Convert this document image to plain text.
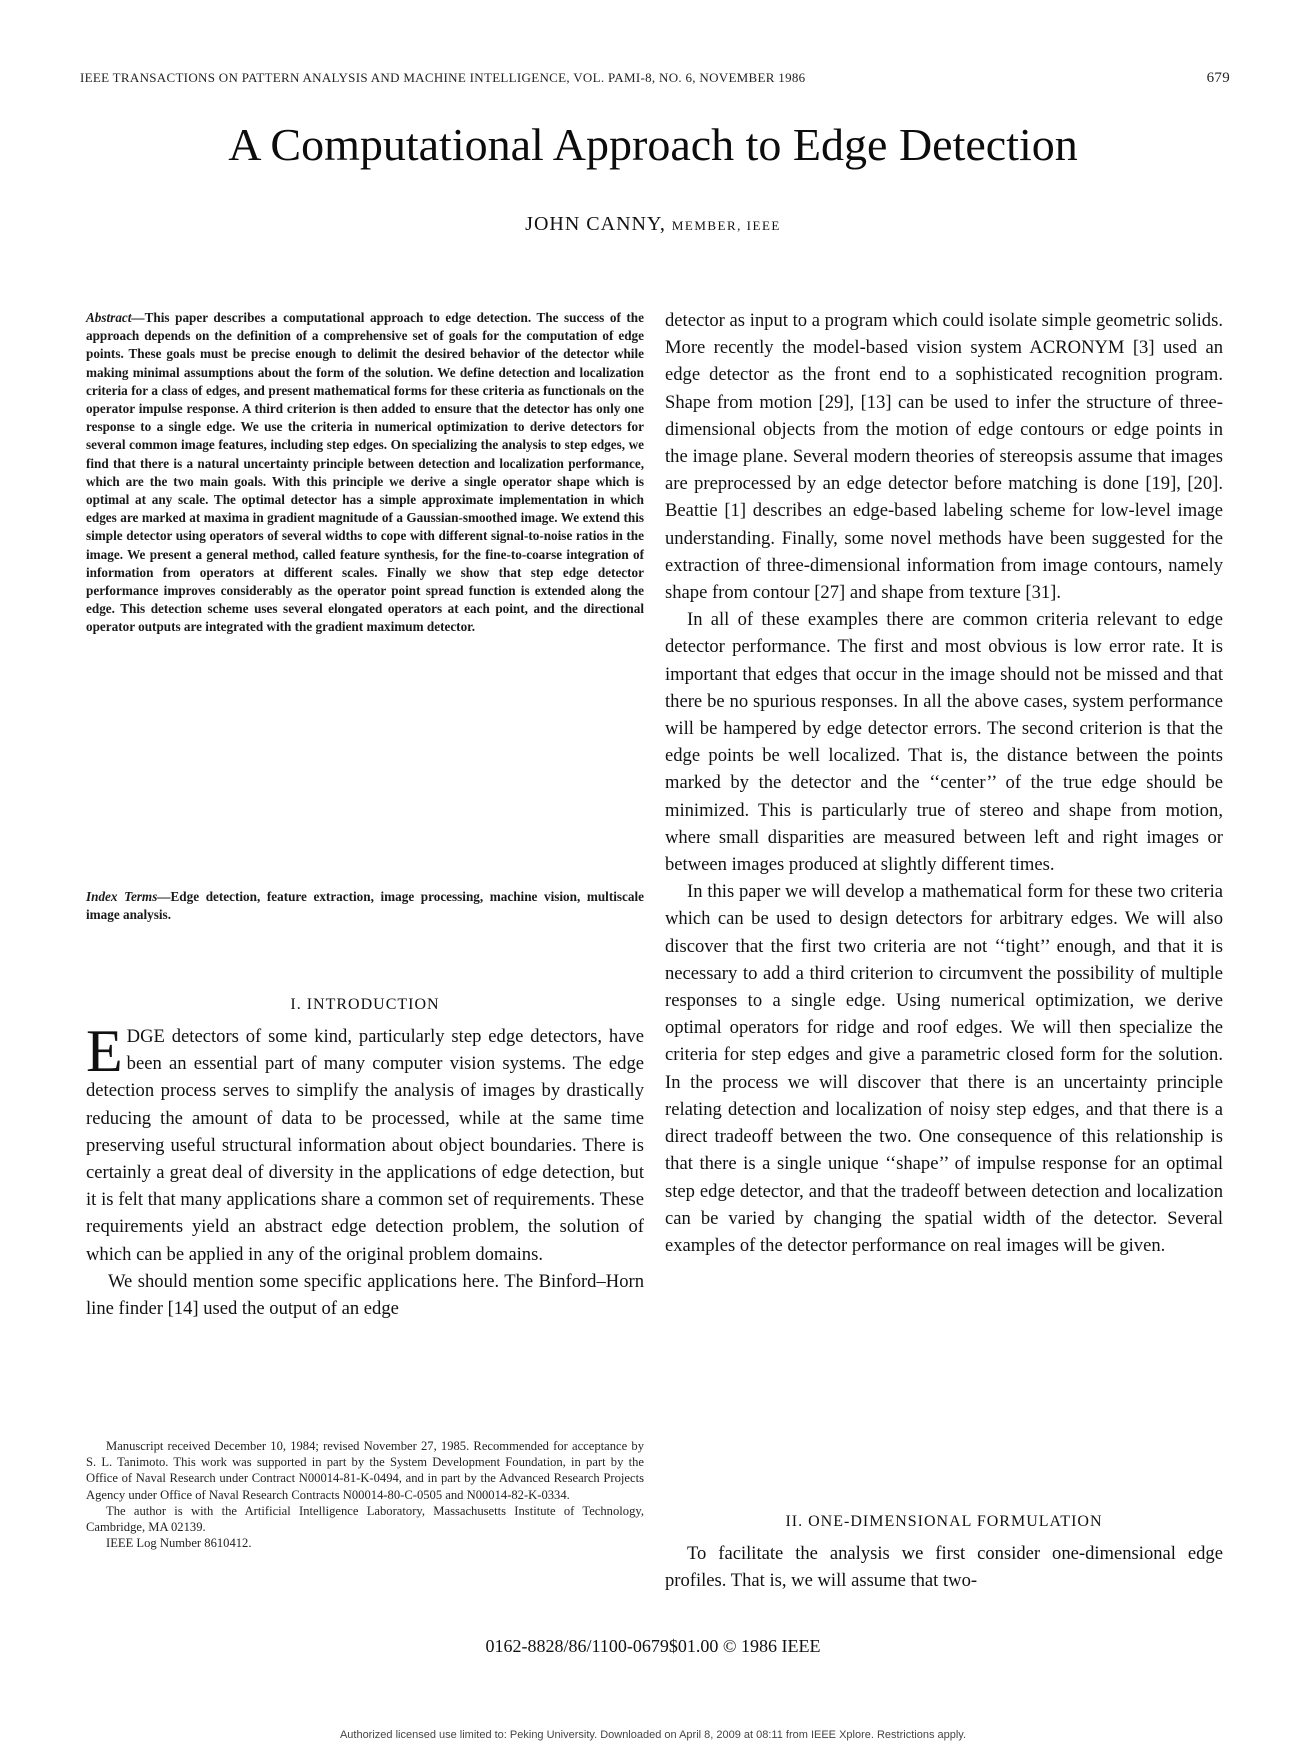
IEEE TRANSACTIONS ON PATTERN ANALYSIS AND MACHINE INTELLIGENCE, VOL. PAMI-8, NO. 6, NOVEMBER 1986	679
A Computational Approach to Edge Detection
JOHN CANNY, MEMBER, IEEE
Abstract—This paper describes a computational approach to edge detection. The success of the approach depends on the definition of a comprehensive set of goals for the computation of edge points. These goals must be precise enough to delimit the desired behavior of the detector while making minimal assumptions about the form of the solution. We define detection and localization criteria for a class of edges, and present mathematical forms for these criteria as functionals on the operator impulse response. A third criterion is then added to ensure that the detector has only one response to a single edge. We use the criteria in numerical optimization to derive detectors for several common image features, including step edges. On specializing the analysis to step edges, we find that there is a natural uncertainty principle between detection and localization performance, which are the two main goals. With this principle we derive a single operator shape which is optimal at any scale. The optimal detector has a simple approximate implementation in which edges are marked at maxima in gradient magnitude of a Gaussian-smoothed image. We extend this simple detector using operators of several widths to cope with different signal-to-noise ratios in the image. We present a general method, called feature synthesis, for the fine-to-coarse integration of information from operators at different scales. Finally we show that step edge detector performance improves considerably as the operator point spread function is extended along the edge. This detection scheme uses several elongated operators at each point, and the directional operator outputs are integrated with the gradient maximum detector.
Index Terms—Edge detection, feature extraction, image processing, machine vision, multiscale image analysis.
I. INTRODUCTION

EDGE detectors of some kind, particularly step edge detectors, have been an essential part of many computer vision systems. The edge detection process serves to simplify the analysis of images by drastically reducing the amount of data to be processed, while at the same time preserving useful structural information about object boundaries. There is certainly a great deal of diversity in the applications of edge detection, but it is felt that many applications share a common set of requirements. These requirements yield an abstract edge detection problem, the solution of which can be applied in any of the original problem domains.

We should mention some specific applications here. The Binford–Horn line finder [14] used the output of an edge

Manuscript received December 10, 1984; revised November 27, 1985. Recommended for acceptance by S. L. Tanimoto. This work was supported in part by the System Development Foundation, in part by the Office of Naval Research under Contract N00014-81-K-0494, and in part by the Advanced Research Projects Agency under Office of Naval Research Contracts N00014-80-C-0505 and N00014-82-K-0334.

The author is with the Artificial Intelligence Laboratory, Massachusetts Institute of Technology, Cambridge, MA 02139.

IEEE Log Number 8610412.

detector as input to a program which could isolate simple geometric solids. More recently the model-based vision system ACRONYM [3] used an edge detector as the front end to a sophisticated recognition program. Shape from motion [29], [13] can be used to infer the structure of three-dimensional objects from the motion of edge contours or edge points in the image plane. Several modern theories of stereopsis assume that images are preprocessed by an edge detector before matching is done [19], [20]. Beattie [1] describes an edge-based labeling scheme for low-level image understanding. Finally, some novel methods have been suggested for the extraction of three-dimensional information from image contours, namely shape from contour [27] and shape from texture [31].

In all of these examples there are common criteria relevant to edge detector performance. The first and most obvious is low error rate. It is important that edges that occur in the image should not be missed and that there be no spurious responses. In all the above cases, system performance will be hampered by edge detector errors. The second criterion is that the edge points be well localized. That is, the distance between the points marked by the detector and the ‘‘center’’ of the true edge should be minimized. This is particularly true of stereo and shape from motion, where small disparities are measured between left and right images or between images produced at slightly different times.

In this paper we will develop a mathematical form for these two criteria which can be used to design detectors for arbitrary edges. We will also discover that the first two criteria are not ‘‘tight’’ enough, and that it is necessary to add a third criterion to circumvent the possibility of multiple responses to a single edge. Using numerical optimization, we derive optimal operators for ridge and roof edges. We will then specialize the criteria for step edges and give a parametric closed form for the solution. In the process we will discover that there is an uncertainty principle relating detection and localization of noisy step edges, and that there is a direct tradeoff between the two. One consequence of this relationship is that there is a single unique ‘‘shape’’ of impulse response for an optimal step edge detector, and that the tradeoff between detection and localization can be varied by changing the spatial width of the detector. Several examples of the detector performance on real images will be given.

II. ONE-DIMENSIONAL FORMULATION

To facilitate the analysis we first consider one-dimensional edge profiles. That is, we will assume that two-

0162-8828/86/1100-0679$01.00 © 1986 IEEE
Authorized licensed use limited to: Peking University. Downloaded on April 8, 2009 at 08:11 from IEEE Xplore. Restrictions apply.
